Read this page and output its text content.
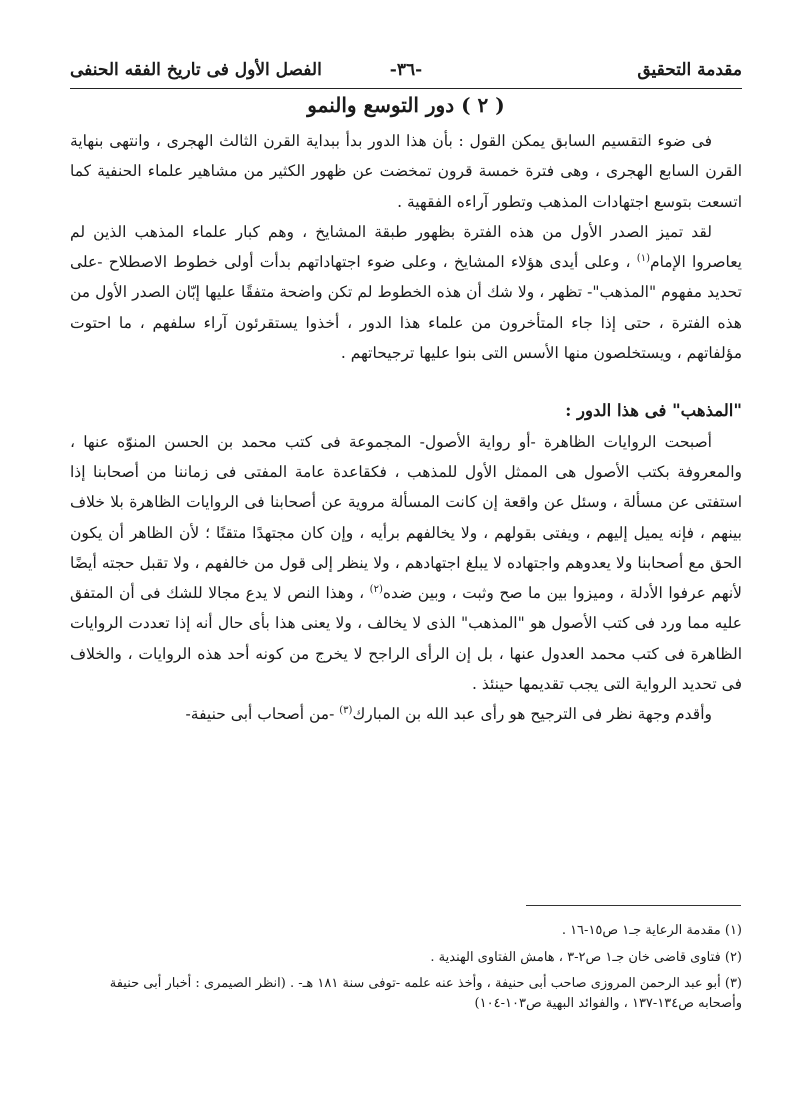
مقدمة التحقيق
-٣٦-
الفصل الأول فى تاريخ الفقه الحنفى
( ٢ ) دور التوسع والنمو

فى ضوء التقسيم السابق يمكن القول : بأن هذا الدور بدأ ببداية القرن الثالث الهجرى ، وانتهى بنهاية القرن السابع الهجرى ، وهى فترة خمسة قرون تمخضت عن ظهور الكثير من مشاهير علماء الحنفية كما اتسعت بتوسع اجتهادات المذهب وتطور آراءه الفقهية .

لقد تميز الصدر الأول من هذه الفترة بظهور طبقة المشايخ ، وهم كبار علماء المذهب الذين لم يعاصروا الإمام$^{(١)}$ ، وعلى أيدى هؤلاء المشايخ ، وعلى ضوء اجتهاداتهم بدأت أولى خطوط الاصطلاح -على تحديد مفهوم "المذهب"- تظهر ، ولا شك أن هذه الخطوط لم تكن واضحة متفقًا عليها إبّان الصدر الأول من هذه الفترة ، حتى إذا جاء المتأخرون من علماء هذا الدور ، أخذوا يستقرئون آراء سلفهم ، ما احتوت مؤلفاتهم ، ويستخلصون منها الأسس التى بنوا عليها ترجيحاتهم .

"المذهب" فى هذا الدور :

أصبحت الروايات الظاهرة -أو رواية الأصول- المجموعة فى كتب محمد بن الحسن المنوّه عنها ، والمعروفة بكتب الأصول هى الممثل الأول للمذهب ، فكقاعدة عامة المفتى فى زماننا من أصحابنا إذا استفتى عن مسألة ، وسئل عن واقعة إن كانت المسألة مروية عن أصحابنا فى الروايات الظاهرة بلا خلاف بينهم ، فإنه يميل إليهم ، ويفتى بقولهم ، ولا يخالفهم برأيه ، وإن كان مجتهدًا متقنًا ؛ لأن الظاهر أن يكون الحق مع أصحابنا ولا يعدوهم واجتهاده لا يبلغ اجتهادهم ، ولا ينظر إلى قول من خالفهم ، ولا تقبل حجته أيضًا لأنهم عرفوا الأدلة ، وميزوا بين ما صح وثبت ، وبين ضده$^{(٢)}$ ، وهذا النص لا يدع مجالا للشك فى أن المتفق عليه مما ورد فى كتب الأصول هو "المذهب" الذى لا يخالف ، ولا يعنى هذا بأى حال أنه إذا تعددت الروايات الظاهرة فى كتب محمد العدول عنها ، بل إن الرأى الراجح لا يخرج من كونه أحد هذه الروايات ، والخلاف فى تحديد الرواية التى يجب تقديمها حينئذ .

وأقدم وجهة نظر فى الترجيح هو رأى عبد الله بن المبارك$^{(٣)}$ -من أصحاب أبى حنيفة-

(١) مقدمة الرعاية جـ١ ص١٥-١٦ .

(٢) فتاوى قاضى خان جـ١ ص٢-٣ ، هامش الفتاوى الهندية .

(٣) أبو عبد الرحمن المروزى صاحب أبى حنيفة ، وأخذ عنه علمه -توفى سنة ١٨١ هـ- . (انظر الصيمرى : أخبار أبى حنيفة وأصحابه ص١٣٤-١٣٧ ، والفوائد البهية ص١٠٣-١٠٤)
